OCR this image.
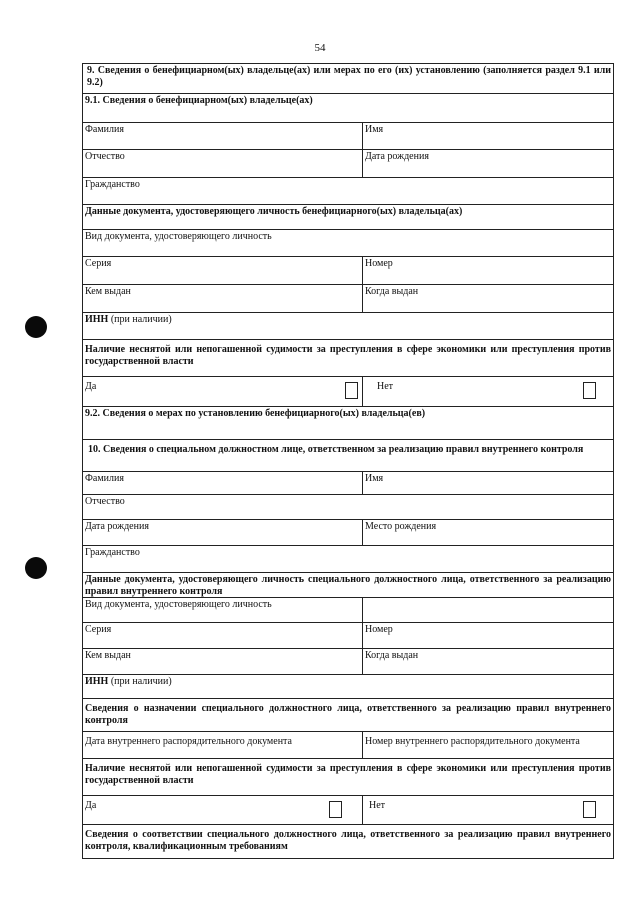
54
9. Сведения о бенефициарном(ых) владельце(ах) или мерах по его (их) установлению (заполняется раздел 9.1 или 9.2)
9.1. Сведения о бенефициарном(ых) владельце(ах)
Фамилия	Имя
Отчество	Дата рождения
Гражданство
Данные документа, удостоверяющего личность бенефициарного(ых) владельца(ах)
Вид документа, удостоверяющего личность
Серия	Номер
Кем выдан	Когда выдан
ИНН (при наличии)
Наличие неснятой или непогашенной судимости за преступления в сфере экономики или преступления против государственной власти
Да	Нет
9.2. Сведения о мерах по установлению бенефициарного(ых) владельца(ев)
10. Сведения о специальном должностном лице, ответственном за реализацию правил внутреннего контроля
Фамилия	Имя
Отчество
Дата рождения	Место рождения
Гражданство
Данные документа, удостоверяющего личность специального должностного лица, ответственного за реализацию правил внутреннего контроля
Вид документа, удостоверяющего личность
Серия	Номер
Кем выдан	Когда выдан
ИНН (при наличии)
Сведения о назначении специального должностного лица, ответственного за реализацию правил внутреннего контроля
Дата внутреннего распорядительного документа	Номер внутреннего распорядительного документа
Наличие неснятой или непогашенной судимости за преступления в сфере экономики или преступления против государственной власти
Да	Нет
Сведения о соответствии специального должностного лица, ответственного за реализацию правил внутреннего контроля, квалификационным требованиям
